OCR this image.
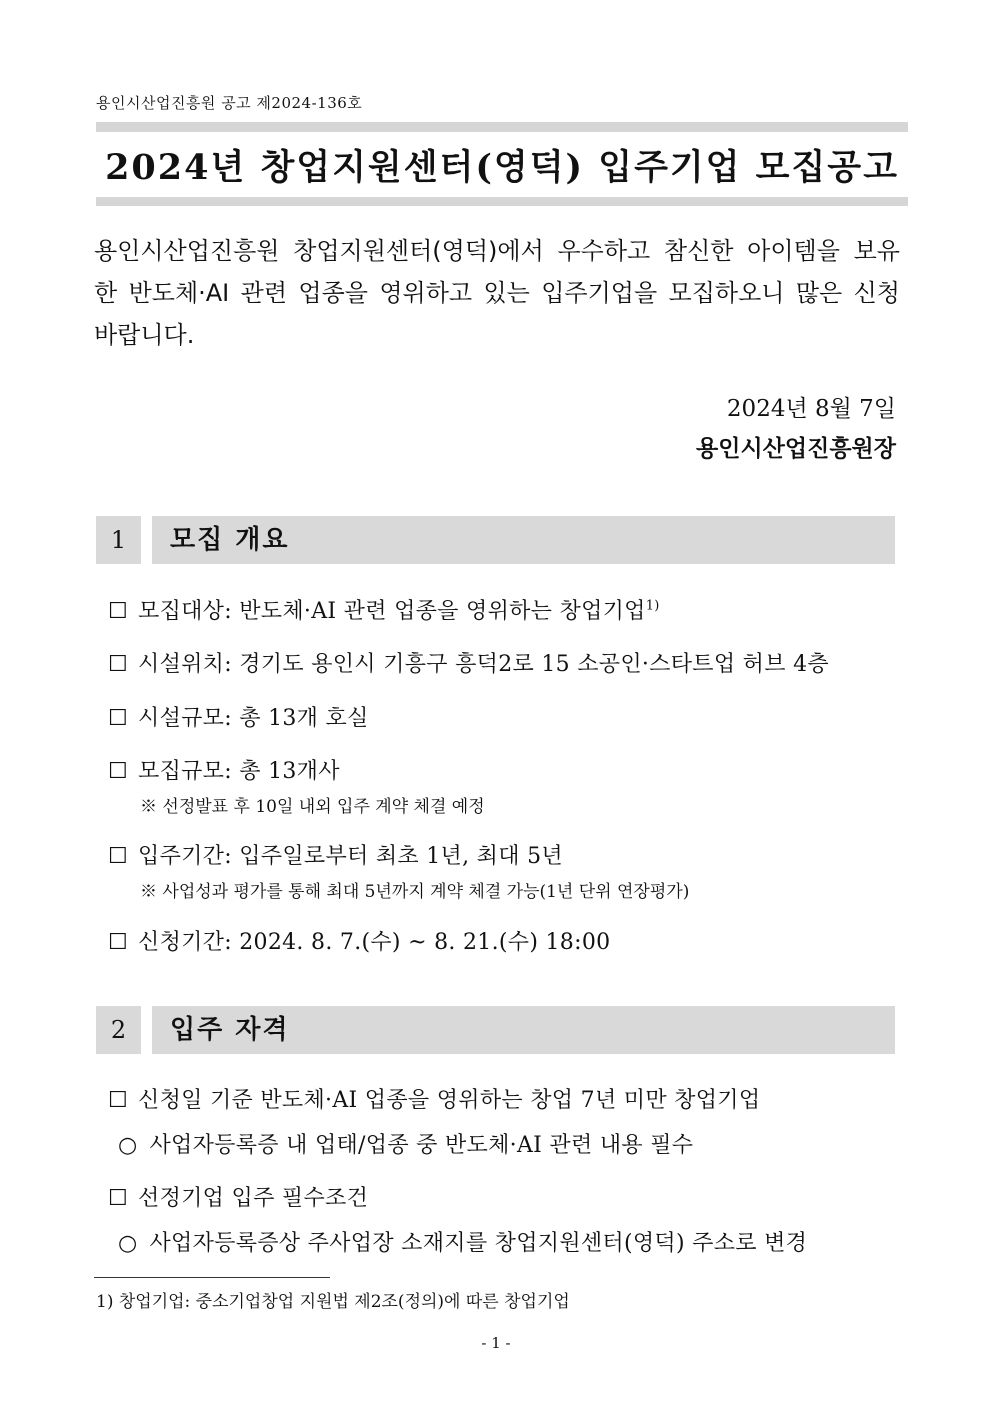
용인시산업진흥원 공고 제2024-136호
2024년 창업지원센터(영덕) 입주기업 모집공고
용인시산업진흥원 창업지원센터(영덕)에서 우수하고 참신한 아이템을 보유한 반도체·AI 관련 업종을 영위하고 있는 입주기업을 모집하오니 많은 신청 바랍니다.
2024년 8월 7일
용인시산업진흥원장
1	모집 개요
☐ 모집대상: 반도체·AI 관련 업종을 영위하는 창업기업$^{1)}$
☐ 시설위치: 경기도 용인시 기흥구 흥덕2로 15 소공인·스타트업 허브 4층
☐ 시설규모: 총 13개 호실
☐ 모집규모: 총 13개사
※ 선정발표 후 10일 내외 입주 계약 체결 예정
☐ 입주기간: 입주일로부터 최초 1년, 최대 5년
※ 사업성과 평가를 통해 최대 5년까지 계약 체결 가능(1년 단위 연장평가)
☐ 신청기간: 2024. 8. 7.(수) ~ 8. 21.(수) 18:00
2	입주 자격
☐ 신청일 기준 반도체·AI 업종을 영위하는 창업 7년 미만 창업기업
○ 사업자등록증 내 업태/업종 중 반도체·AI 관련 내용 필수
☐ 선정기업 입주 필수조건
○ 사업자등록증상 주사업장 소재지를 창업지원센터(영덕) 주소로 변경
1) 창업기업: 중소기업창업 지원법 제2조(정의)에 따른 창업기업
- 1 -
